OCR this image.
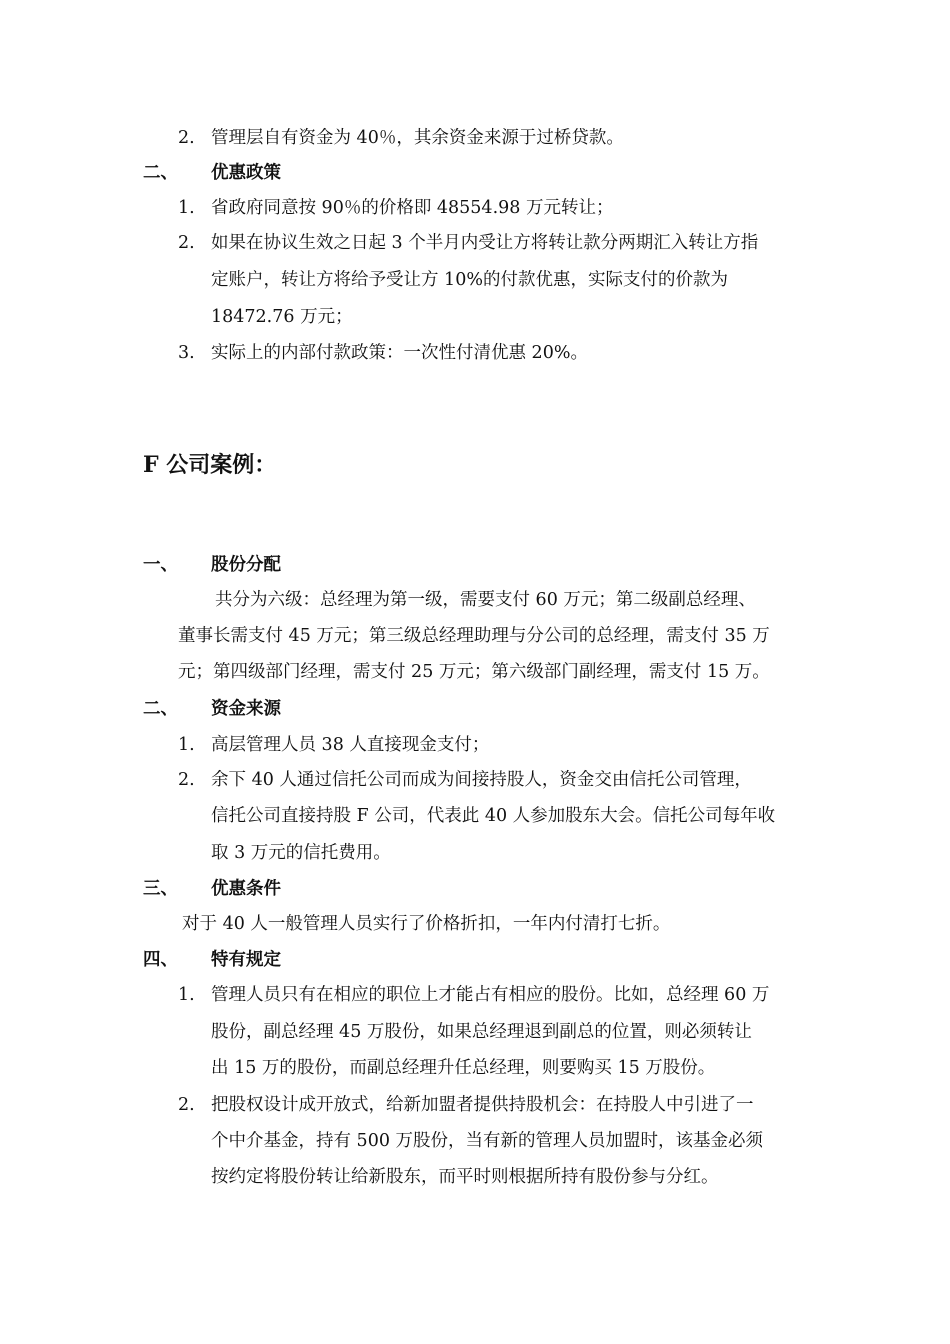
2. 管理层自有资金为 40％，其余资金来源于过桥贷款。
二、 优惠政策
1. 省政府同意按 90％的价格即 48554.98 万元转让；
2. 如果在协议生效之日起 3 个半月内受让方将转让款分两期汇入转让方指
定账户，转让方将给予受让方 10%的付款优惠，实际支付的价款为
18472.76 万元；
3. 实际上的内部付款政策：一次性付清优惠 20%。
F 公司案例：
一、 股份分配
共分为六级：总经理为第一级，需要支付 60 万元；第二级副总经理、
董事长需支付 45 万元；第三级总经理助理与分公司的总经理，需支付 35 万
元；第四级部门经理，需支付 25 万元；第六级部门副经理，需支付 15 万。
二、 资金来源
1. 高层管理人员 38 人直接现金支付；
2. 余下 40 人通过信托公司而成为间接持股人，资金交由信托公司管理，
信托公司直接持股 F 公司，代表此 40 人参加股东大会。信托公司每年收
取 3 万元的信托费用。
三、 优惠条件
对于 40 人一般管理人员实行了价格折扣，一年内付清打七折。
四、 特有规定
1. 管理人员只有在相应的职位上才能占有相应的股份。比如，总经理 60 万
股份，副总经理 45 万股份，如果总经理退到副总的位置，则必须转让
出 15 万的股份，而副总经理升任总经理，则要购买 15 万股份。
2. 把股权设计成开放式，给新加盟者提供持股机会：在持股人中引进了一
个中介基金，持有 500 万股份，当有新的管理人员加盟时，该基金必须
按约定将股份转让给新股东，而平时则根据所持有股份参与分红。
